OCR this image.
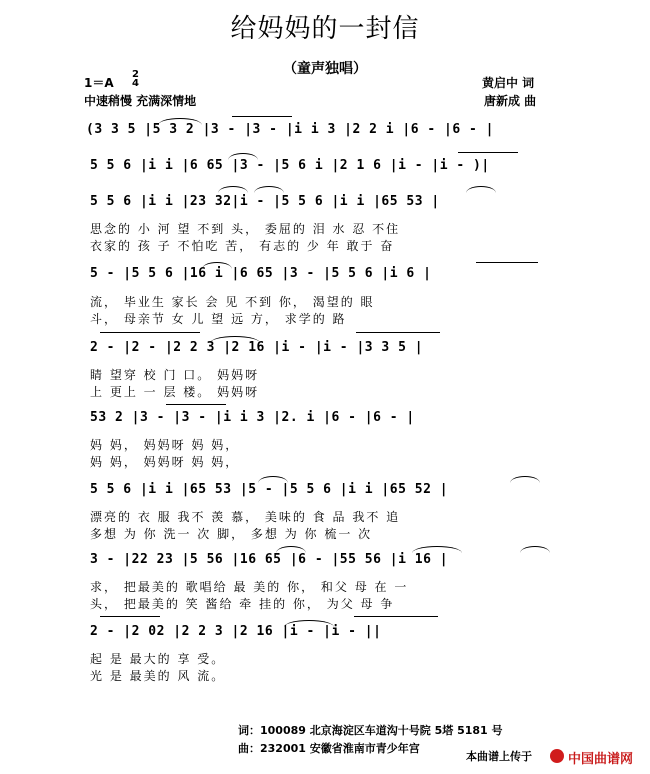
给妈妈的一封信
（童声独唱）
1＝A
2
4
中速稍慢 充满深情地
黄启中 词
唐新成 曲
(3 3 5 |5 3 2 |3 - |3 - |i i 3 |2 2 i |6 - |6 - |
5 5 6 |i i |6 65 |3 - |5 6 i |2 1 6 |i - |i - )|
5 5 6 |i i |23 32|i - |5 5 6 |i i |65 53 |
思念的 小 河 望 不到 头， 委屈的 泪 水 忍 不住
衣家的 孩 子 不怕吃 苦， 有志的 少 年 敢于 奋
5 - |5 5 6 |16 i |6 65 |3 - |5 5 6 |i 6 |
流， 毕业生 家长 会 见 不到 你， 渴望的 眼
斗， 母亲节 女 儿 望 远 方， 求学的 路
2 - |2 - |2 2 3 |2 16 |i - |i - |3 3 5 |
睛 望穿 校 门 口。 妈妈呀
上 更上 一 层 楼。 妈妈呀
53 2 |3 - |3 - |i i 3 |2. i |6 - |6 - |
妈 妈， 妈妈呀 妈 妈，
妈 妈， 妈妈呀 妈 妈，
5 5 6 |i i |65 53 |5 - |5 5 6 |i i |65 52 |
漂亮的 衣 服 我不 羡 慕， 美味的 食 品 我不 追
多想 为 你 洗一 次 脚， 多想 为 你 梳一 次
3 - |22 23 |5 56 |16 65 |6 - |55 56 |i 16 |
求， 把最美的 歌唱给 最 美的 你， 和父 母 在 一
头， 把最美的 笑 酱给 牵 挂的 你， 为父 母 争
2 - |2 02 |2 2 3 |2 16 |i - |i - ||
起 是 最大的 享 受。
光 是 最美的 风 流。
词：100089 北京海淀区车道沟十号院 5塔 5181 号
曲：232001 安徽省淮南市青少年宫
本曲谱上传于	中国曲谱网
